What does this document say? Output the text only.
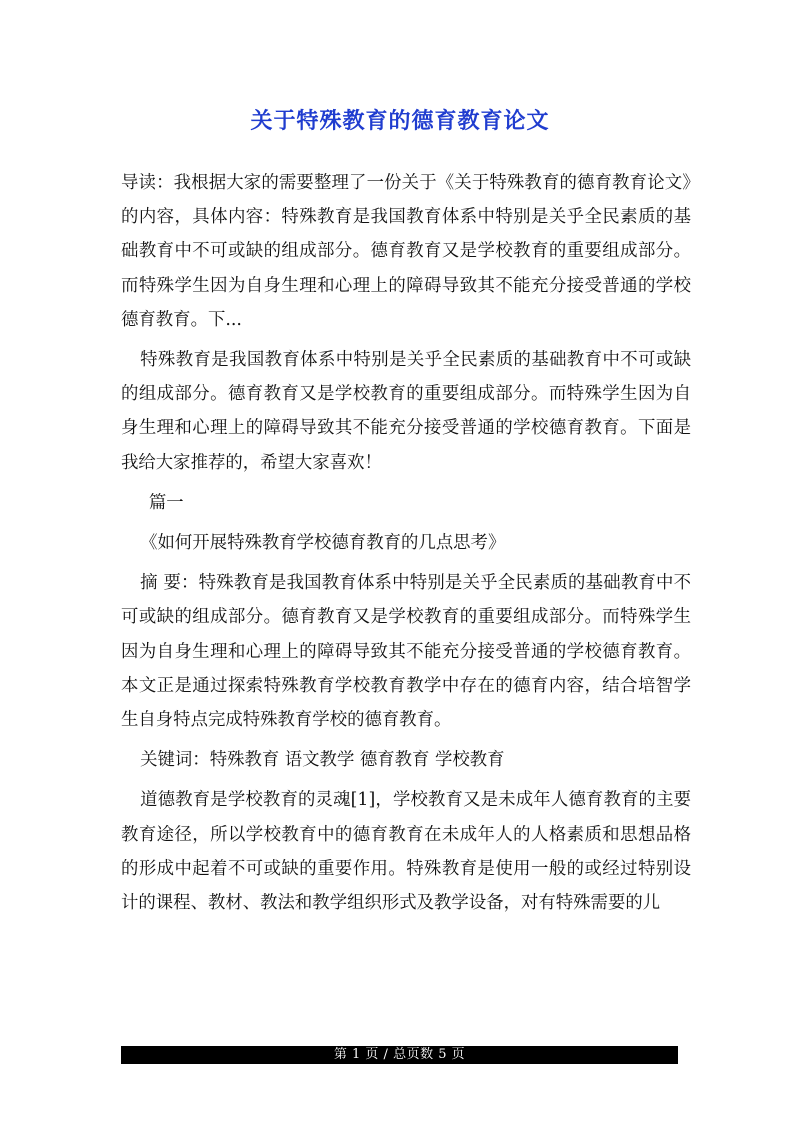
关于特殊教育的德育教育论文

导读：我根据大家的需要整理了一份关于《关于特殊教育的德育教育论文》的内容，具体内容：特殊教育是我国教育体系中特别是关乎全民素质的基础教育中不可或缺的组成部分。德育教育又是学校教育的重要组成部分。而特殊学生因为自身生理和心理上的障碍导致其不能充分接受普通的学校德育教育。下...

特殊教育是我国教育体系中特别是关乎全民素质的基础教育中不可或缺的组成部分。德育教育又是学校教育的重要组成部分。而特殊学生因为自身生理和心理上的障碍导致其不能充分接受普通的学校德育教育。下面是我给大家推荐的，希望大家喜欢！

篇一

《如何开展特殊教育学校德育教育的几点思考》

摘 要：特殊教育是我国教育体系中特别是关乎全民素质的基础教育中不可或缺的组成部分。德育教育又是学校教育的重要组成部分。而特殊学生因为自身生理和心理上的障碍导致其不能充分接受普通的学校德育教育。本文正是通过探索特殊教育学校教育教学中存在的德育内容，结合培智学生自身特点完成特殊教育学校的德育教育。

关键词：特殊教育 语文教学 德育教育 学校教育

道德教育是学校教育的灵魂[1]，学校教育又是未成年人德育教育的主要教育途径，所以学校教育中的德育教育在未成年人的人格素质和思想品格的形成中起着不可或缺的重要作用。特殊教育是使用一般的或经过特别设计的课程、教材、教法和教学组织形式及教学设备，对有特殊需要的儿

第 1 页 / 总页数 5 页
